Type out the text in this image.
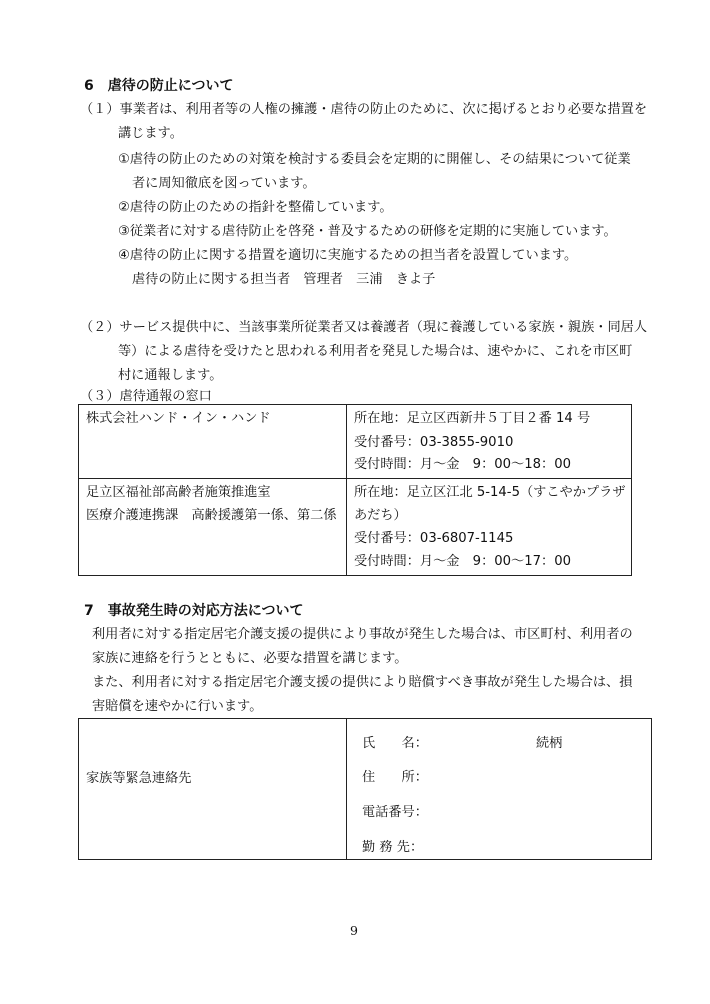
6　虐待の防止について
（１）事業者は、利用者等の人権の擁護・虐待の防止のために、次に掲げるとおり必要な措置を
講じます。
①虐待の防止のための対策を検討する委員会を定期的に開催し、その結果について従業
者に周知徹底を図っています。
②虐待の防止のための指針を整備しています。
③従業者に対する虐待防止を啓発・普及するための研修を定期的に実施しています。
④虐待の防止に関する措置を適切に実施するための担当者を設置しています。
虐待の防止に関する担当者　管理者　三浦　きよ子
（２）サービス提供中に、当該事業所従業者又は養護者（現に養護している家族・親族・同居人
等）による虐待を受けたと思われる利用者を発見した場合は、速やかに、これを市区町
村に通報します。
（３）虐待通報の窓口
株式会社ハンド・イン・ハンド	所在地：足立区西新井５丁目２番 14 号
受付番号：03-3855-9010
受付時間：月～金　9：00～18：00
足立区福祉部高齢者施策推進室
医療介護連携課　高齢援護第一係、第二係
所在地：足立区江北 5-14-5（すこやかプラザ
あだち）
受付番号：03-6807-1145
受付時間：月～金　9：00～17：00
7　事故発生時の対応方法について
利用者に対する指定居宅介護支援の提供により事故が発生した場合は、市区町村、利用者の
家族に連絡を行うとともに、必要な措置を講じます。
また、利用者に対する指定居宅介護支援の提供により賠償すべき事故が発生した場合は、損
害賠償を速やかに行います。
家族等緊急連絡先
氏　　名：	続柄
住　　所：
電話番号：
勤 務 先：
9
